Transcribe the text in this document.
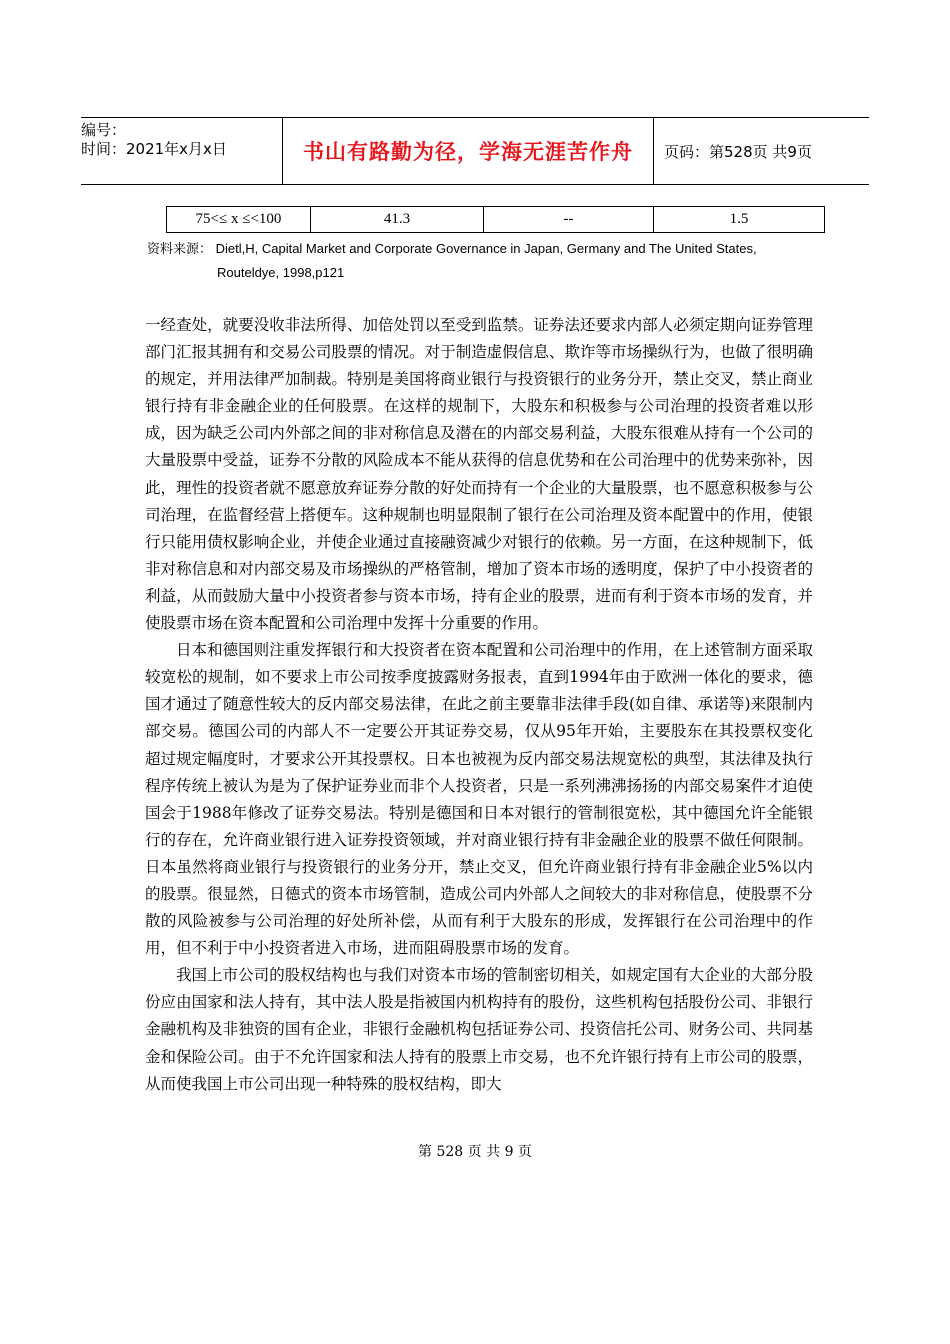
编号：
时间：2021年x月x日	书山有路勤为径，学海无涯苦作舟	页码：第528页 共9页
75<≤ x ≤<100	41.3	--	1.5
资料来源： Dietl,H, Capital Market and Corporate Governance in Japan, Germany and The United States,
Routeldye, 1998,p121

一经查处，就要没收非法所得、加倍处罚以至受到监禁。证券法还要求内部人必须定期向证券管理部门汇报其拥有和交易公司股票的情况。对于制造虚假信息、欺诈等市场操纵行为，也做了很明确的规定，并用法律严加制裁。特别是美国将商业银行与投资银行的业务分开，禁止交叉，禁止商业银行持有非金融企业的任何股票。在这样的规制下，大股东和积极参与公司治理的投资者难以形成，因为缺乏公司内外部之间的非对称信息及潜在的内部交易利益，大股东很难从持有一个公司的大量股票中受益，证券不分散的风险成本不能从获得的信息优势和在公司治理中的优势来弥补，因此，理性的投资者就不愿意放弃证券分散的好处而持有一个企业的大量股票，也不愿意积极参与公司治理，在监督经营上搭便车。这种规制也明显限制了银行在公司治理及资本配置中的作用，使银行只能用债权影响企业，并使企业通过直接融资减少对银行的依赖。另一方面，在这种规制下，低非对称信息和对内部交易及市场操纵的严格管制，增加了资本市场的透明度，保护了中小投资者的利益，从而鼓励大量中小投资者参与资本市场，持有企业的股票，进而有利于资本市场的发育，并使股票市场在资本配置和公司治理中发挥十分重要的作用。

日本和德国则注重发挥银行和大投资者在资本配置和公司治理中的作用，在上述管制方面采取较宽松的规制，如不要求上市公司按季度披露财务报表，直到1994年由于欧洲一体化的要求，德国才通过了随意性较大的反内部交易法律，在此之前主要靠非法律手段(如自律、承诺等)来限制内部交易。德国公司的内部人不一定要公开其证券交易，仅从95年开始，主要股东在其投票权变化超过规定幅度时，才要求公开其投票权。日本也被视为反内部交易法规宽松的典型，其法律及执行程序传统上被认为是为了保护证券业而非个人投资者，只是一系列沸沸扬扬的内部交易案件才迫使国会于1988年修改了证券交易法。特别是德国和日本对银行的管制很宽松，其中德国允许全能银行的存在，允许商业银行进入证券投资领域，并对商业银行持有非金融企业的股票不做任何限制。日本虽然将商业银行与投资银行的业务分开，禁止交叉，但允许商业银行持有非金融企业5%以内的股票。很显然，日德式的资本市场管制，造成公司内外部人之间较大的非对称信息，使股票不分散的风险被参与公司治理的好处所补偿，从而有利于大股东的形成，发挥银行在公司治理中的作用，但不利于中小投资者进入市场，进而阻碍股票市场的发育。

我国上市公司的股权结构也与我们对资本市场的管制密切相关，如规定国有大企业的大部分股份应由国家和法人持有，其中法人股是指被国内机构持有的股份，这些机构包括股份公司、非银行金融机构及非独资的国有企业，非银行金融机构包括证券公司、投资信托公司、财务公司、共同基金和保险公司。由于不允许国家和法人持有的股票上市交易，也不允许银行持有上市公司的股票，从而使我国上市公司出现一种特殊的股权结构，即大

第 528 页 共 9 页
